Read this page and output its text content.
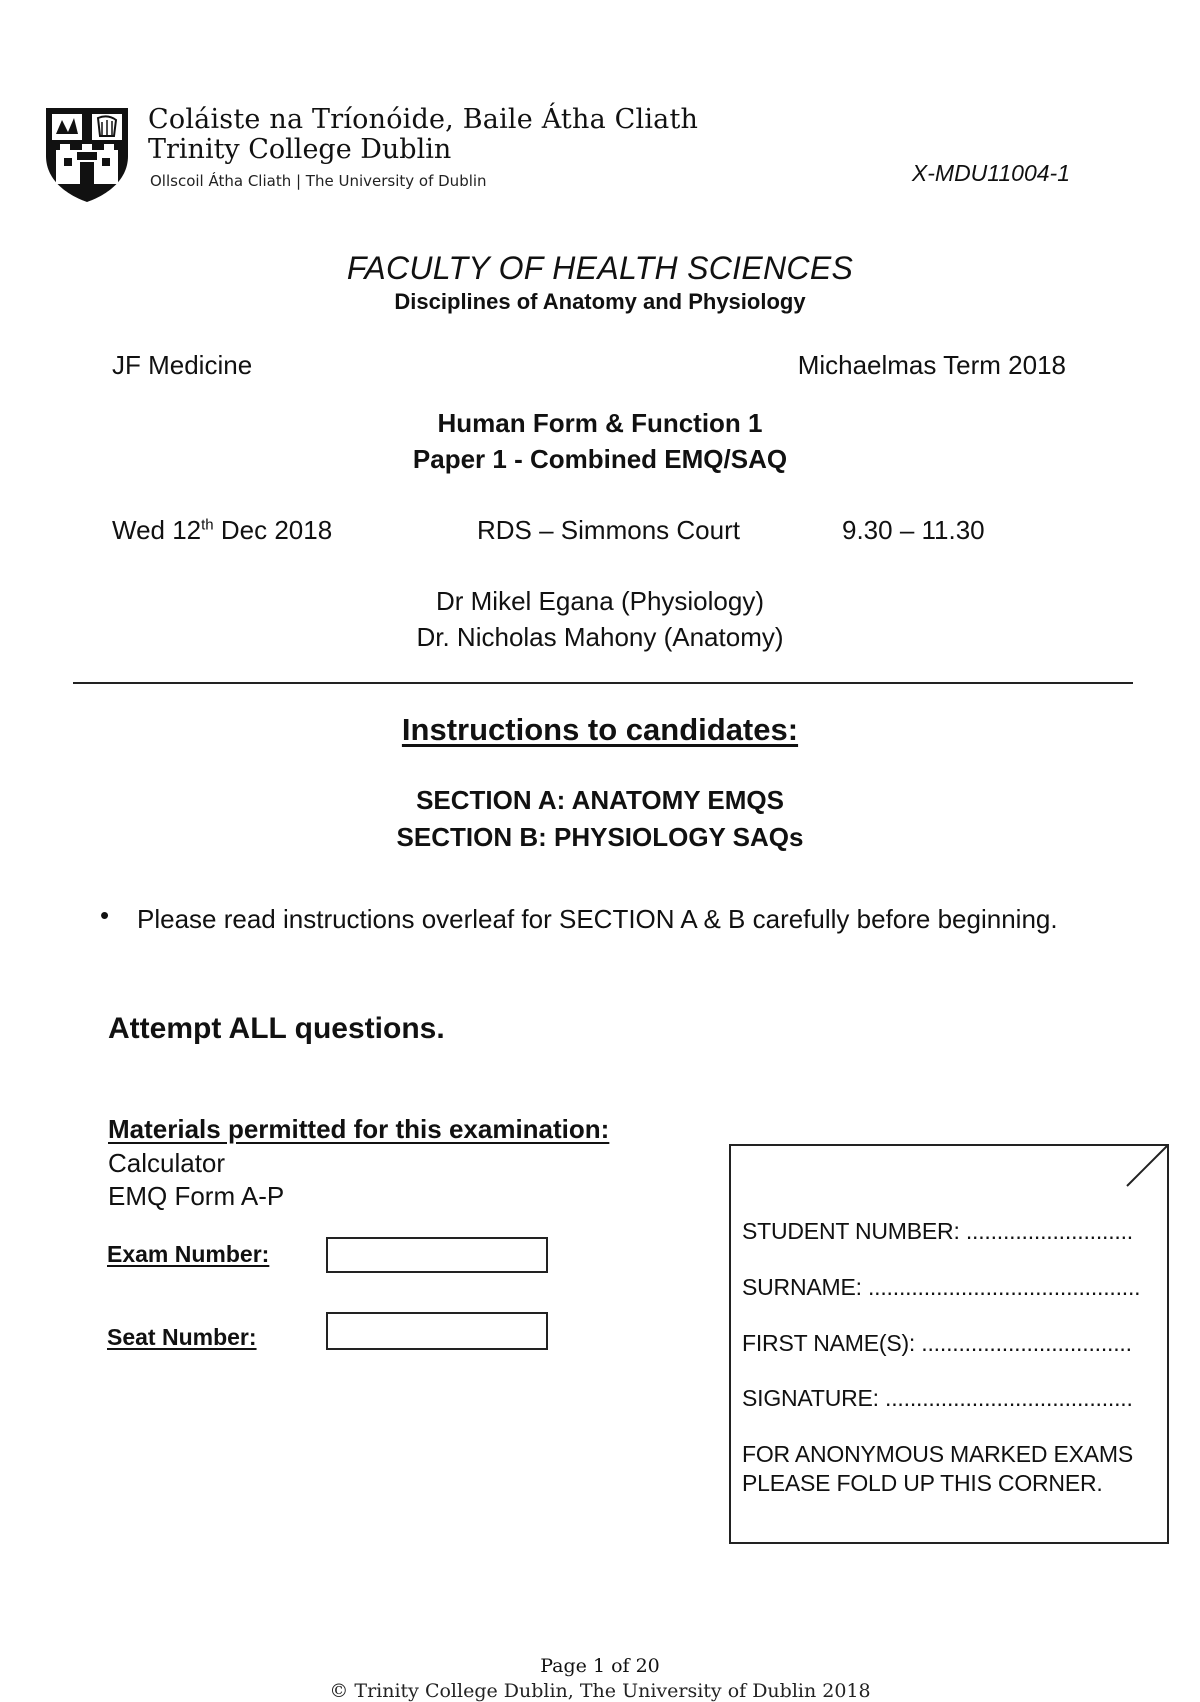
Coláiste na Tríonóide, Baile Átha Cliath
Trinity College Dublin
Ollscoil Átha Cliath | The University of Dublin	X-MDU11004-1
FACULTY OF HEALTH SCIENCES
Disciplines of Anatomy and Physiology
JF Medicine	Michaelmas Term 2018
Human Form & Function 1
Paper 1 - Combined EMQ/SAQ
Wed 12th Dec 2018	RDS – Simmons Court	9.30 – 11.30
Dr Mikel Egana (Physiology)
Dr. Nicholas Mahony (Anatomy)
Instructions to candidates:
SECTION A: ANATOMY EMQS
SECTION B: PHYSIOLOGY SAQs
• Please read instructions overleaf for SECTION A & B carefully before beginning.
Attempt ALL questions.
Materials permitted for this examination:
Calculator
EMQ Form A-P
Exam Number:
Seat Number:
STUDENT NUMBER: ...........................
SURNAME: ............................................
FIRST NAME(S): ..................................
SIGNATURE: ........................................
FOR ANONYMOUS MARKED EXAMS
PLEASE FOLD UP THIS CORNER.
Page 1 of 20
© Trinity College Dublin, The University of Dublin 2018
